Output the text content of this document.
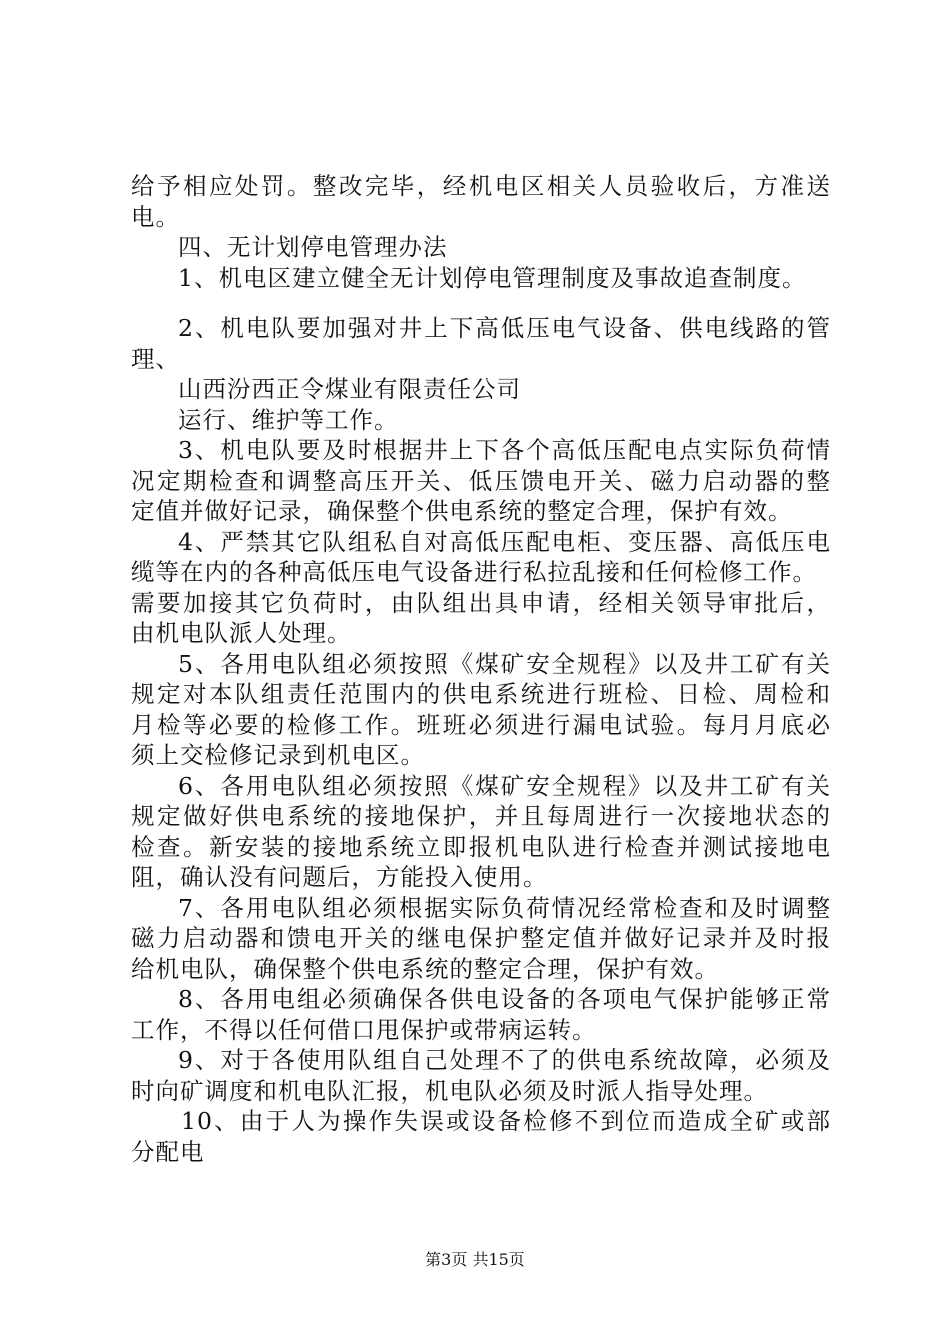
给予相应处罚。整改完毕，经机电区相关人员验收后，方准送
电。
四、无计划停电管理办法
1、机电区建立健全无计划停电管理制度及事故追查制度。
2、机电队要加强对井上下高低压电气设备、供电线路的管
理、
山西汾西正令煤业有限责任公司
运行、维护等工作。
3、机电队要及时根据井上下各个高低压配电点实际负荷情
况定期检查和调整高压开关、低压馈电开关、磁力启动器的整
定值并做好记录，确保整个供电系统的整定合理，保护有效。
4、严禁其它队组私自对高低压配电柜、变压器、高低压电
缆等在内的各种高低压电气设备进行私拉乱接和任何检修工作。
需要加接其它负荷时，由队组出具申请，经相关领导审批后，
由机电队派人处理。
5、各用电队组必须按照《煤矿安全规程》以及井工矿有关
规定对本队组责任范围内的供电系统进行班检、日检、周检和
月检等必要的检修工作。班班必须进行漏电试验。每月月底必
须上交检修记录到机电区。
6、各用电队组必须按照《煤矿安全规程》以及井工矿有关
规定做好供电系统的接地保护，并且每周进行一次接地状态的
检查。新安装的接地系统立即报机电队进行检查并测试接地电
阻，确认没有问题后，方能投入使用。
7、各用电队组必须根据实际负荷情况经常检查和及时调整
磁力启动器和馈电开关的继电保护整定值并做好记录并及时报
给机电队，确保整个供电系统的整定合理，保护有效。
8、各用电组必须确保各供电设备的各项电气保护能够正常
工作，不得以任何借口甩保护或带病运转。
9、对于各使用队组自己处理不了的供电系统故障，必须及
时向矿调度和机电队汇报，机电队必须及时派人指导处理。
10、由于人为操作失误或设备检修不到位而造成全矿或部
分配电
第3页 共15页
